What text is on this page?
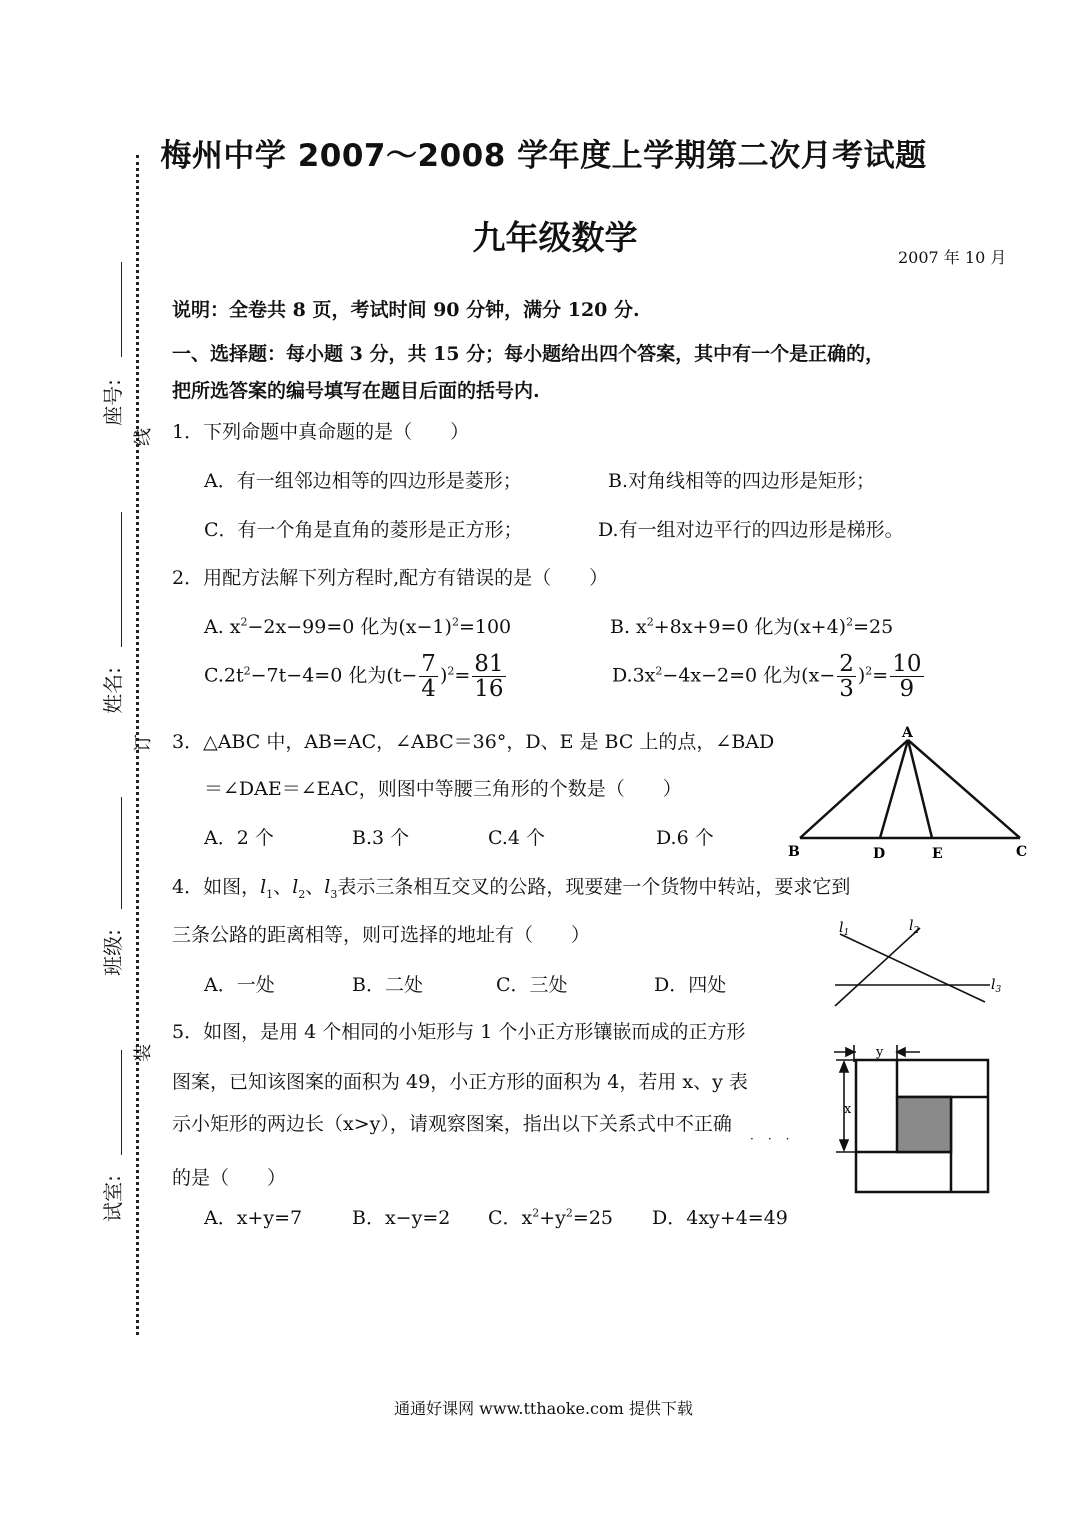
座号:
姓名:
班级:
试室:
线
订
装
梅州中学 2007～2008 学年度上学期第二次月考试题
九年级数学
2007 年 10 月
说明：全卷共 8 页，考试时间 90 分钟，满分 120 分.
一、选择题：每小题 3 分，共 15 分；每小题给出四个答案，其中有一个是正确的，
把所选答案的编号填写在题目后面的括号内.
1．下列命题中真命题的是（　　）
A．有一组邻边相等的四边形是菱形；	B.对角线相等的四边形是矩形；
C．有一个角是直角的菱形是正方形；	D.有一组对边平行的四边形是梯形。
2．用配方法解下列方程时,配方有错误的是（　　）
A. $x^2-2x-99=0$ 化为$(x-1)^2=100$	B. $x^2+8x+9=0$ 化为$(x+4)^2=25$
$C.2t^2-7t-4=0$ 化为$(t- \frac{7}{4} )^2= \frac{81}{16}$	$D.3x^2-4x-2=0$ 化为$(x- \frac{2}{3} )^2= \frac{10}{9}$
3．△ABC 中，AB=AC，∠ABC＝36°，D、E 是 BC 上的点，∠BAD
＝∠DAE＝∠EAC，则图中等腰三角形的个数是（　　）
A．2 个	B.3 个	C.4 个	D.6 个
A
B	D	E	C
4．如图，$l_1$、$l_2$、$l_3$表示三条相互交叉的公路，现要建一个货物中转站，要求它到
三条公路的距离相等，则可选择的地址有（　　）
A．一处	B．二处	C．三处	D．四处
$l_1$	$l_2$
$l_3$
5．如图，是用 4 个相同的小矩形与 1 个小正方形镶嵌而成的正方形
图案，已知该图案的面积为 49，小正方形的面积为 4，若用 x、y 表
示小矩形的两边长（x>y），请观察图案，指出以下关系式中不正确
···
的是（　　）
A．x+y=7	B．x−y=2 C．$x^2+y^2=25$ D．4xy+4=49
y
x
通通好课网 www.tthaoke.com 提供下载
